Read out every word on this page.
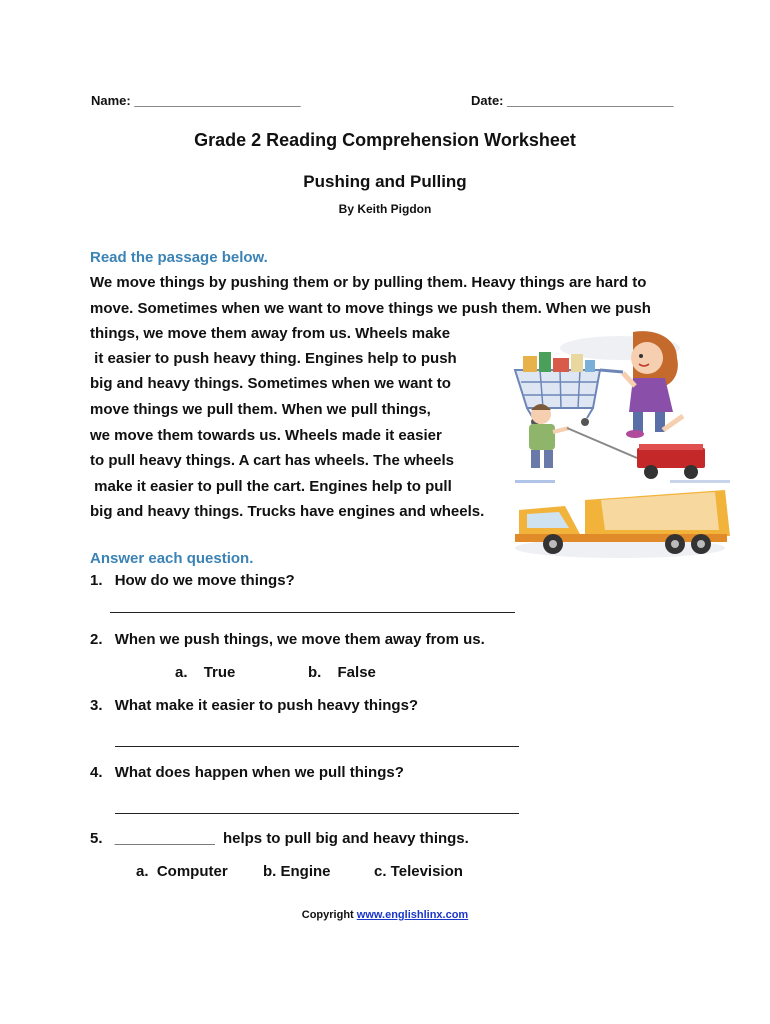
Name: _______________________	Date: _______________________
Grade 2 Reading Comprehension Worksheet
Pushing and Pulling
By Keith Pigdon
Read the passage below.
We move things by pushing them or by pulling them. Heavy things are hard to
move. Sometimes when we want to move things we push them. When we push
things, we move them away from us. Wheels make
it easier to push heavy thing. Engines help to push
big and heavy things. Sometimes when we want to
move things we pull them. When we pull things,
we move them towards us. Wheels made it easier
to pull heavy things. A cart has wheels. The wheels
make it easier to pull the cart. Engines help to pull
big and heavy things. Trucks have engines and wheels.
Answer each question.
1. How do we move things?
2. When we push things, we move them away from us.
a. True	b. False
3. What make it easier to push heavy things?
4. What does happen when we pull things?
5. ____________ helps to pull big and heavy things.
a.  Computer b. Engine	c. Television
Copyright www.englishlinx.com
